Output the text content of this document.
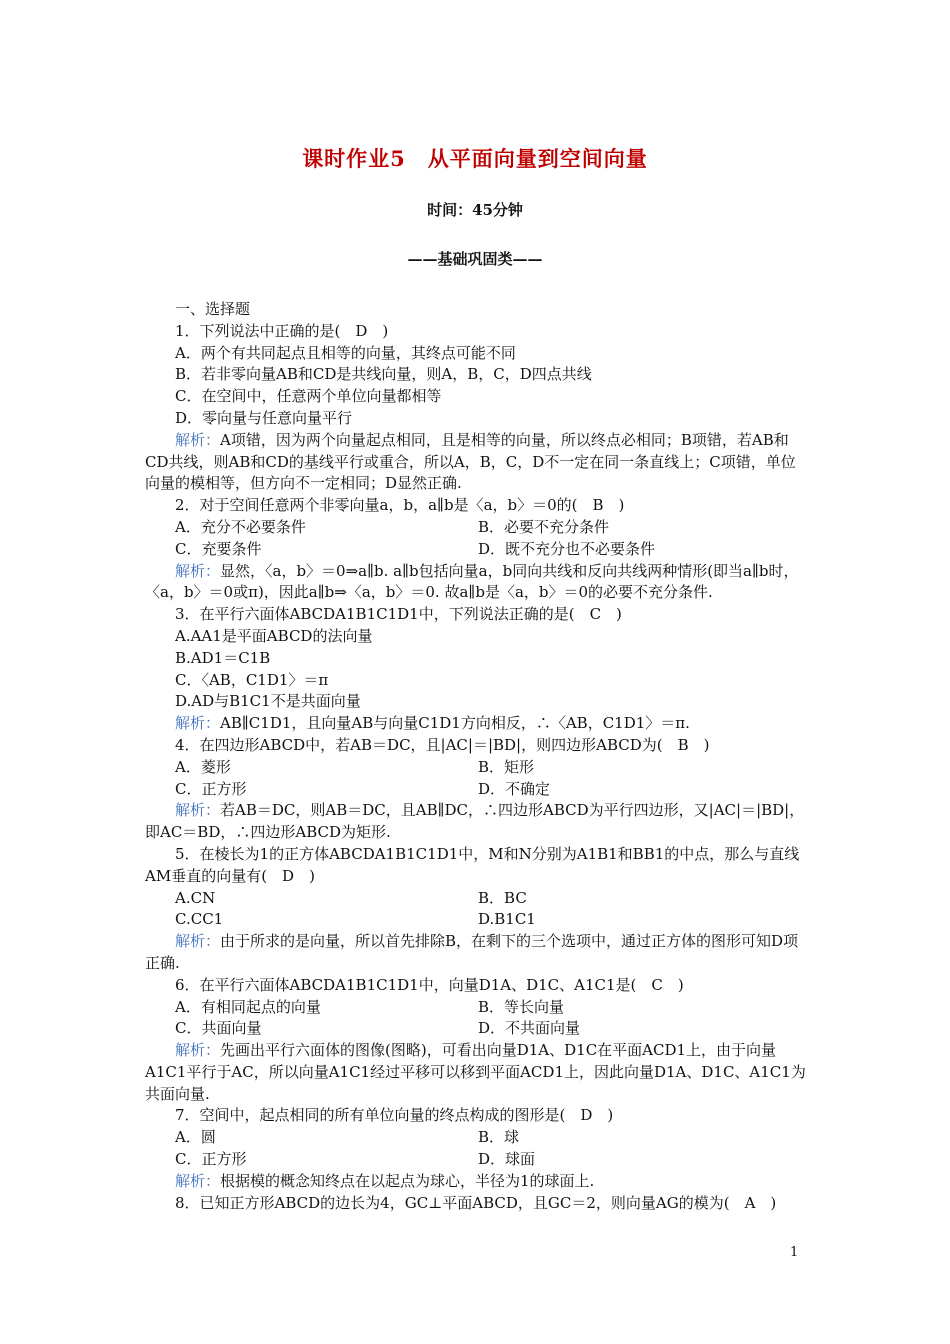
课时作业5　从平面向量到空间向量
时间：45分钟
——基础巩固类——

一、选择题

1．下列说法中正确的是(　D　)

A．两个有共同起点且相等的向量，其终点可能不同

B．若非零向量AB和CD是共线向量，则A，B，C，D四点共线

C．在空间中，任意两个单位向量都相等

D．零向量与任意向量平行

解析：A项错，因为两个向量起点相同，且是相等的向量，所以终点必相同；B项错，若AB和CD共线，则AB和CD的基线平行或重合，所以A，B，C，D不一定在同一条直线上；C项错，单位向量的模相等，但方向不一定相同；D显然正确.

2．对于空间任意两个非零向量a，b，a∥b是〈a，b〉＝0的(　B　)

A．充分不必要条件	B．必要不充分条件
C．充要条件	D．既不充分也不必要条件

解析：显然，〈a，b〉＝0⇒a∥b. a∥b包括向量a，b同向共线和反向共线两种情形(即当a∥b时，〈a，b〉＝0或π)，因此a∥b⇒〈a，b〉＝0. 故a∥b是〈a，b〉＝0的必要不充分条件.

3．在平行六面体ABCDA1B1C1D1中，下列说法正确的是(　C　)

A.AA1是平面ABCD的法向量

B.AD1＝C1B

C．〈AB，C1D1〉＝π

D.AD与B1C1不是共面向量

解析：AB∥C1D1，且向量AB与向量C1D1方向相反，∴〈AB，C1D1〉＝π.

4．在四边形ABCD中，若AB＝DC，且|AC|＝|BD|，则四边形ABCD为(　B　)

A．菱形	B．矩形
C．正方形	D．不确定

解析：若AB＝DC，则AB＝DC，且AB∥DC，∴四边形ABCD为平行四边形，又|AC|＝|BD|，即AC＝BD，∴四边形ABCD为矩形.

5．在棱长为1的正方体ABCDA1B1C1D1中，M和N分别为A1B1和BB1的中点，那么与直线AM垂直的向量有(　D　)

A.CN	B．BC
C.CC1	D.B1C1

解析：由于所求的是向量，所以首先排除B，在剩下的三个选项中，通过正方体的图形可知D项正确.

6．在平行六面体ABCDA1B1C1D1中，向量D1A、D1C、A1C1是(　C　)

A．有相同起点的向量	B．等长向量
C．共面向量	D．不共面向量

解析：先画出平行六面体的图像(图略)，可看出向量D1A、D1C在平面ACD1上，由于向量A1C1平行于AC，所以向量A1C1经过平移可以移到平面ACD1上，因此向量D1A、D1C、A1C1为共面向量.

7．空间中，起点相同的所有单位向量的终点构成的图形是(　D　)

A．圆	B．球
C．正方形	D．球面

解析：根据模的概念知终点在以起点为球心，半径为1的球面上.

8．已知正方形ABCD的边长为4，GC⊥平面ABCD，且GC＝2，则向量AG的模为(　A　)

1
